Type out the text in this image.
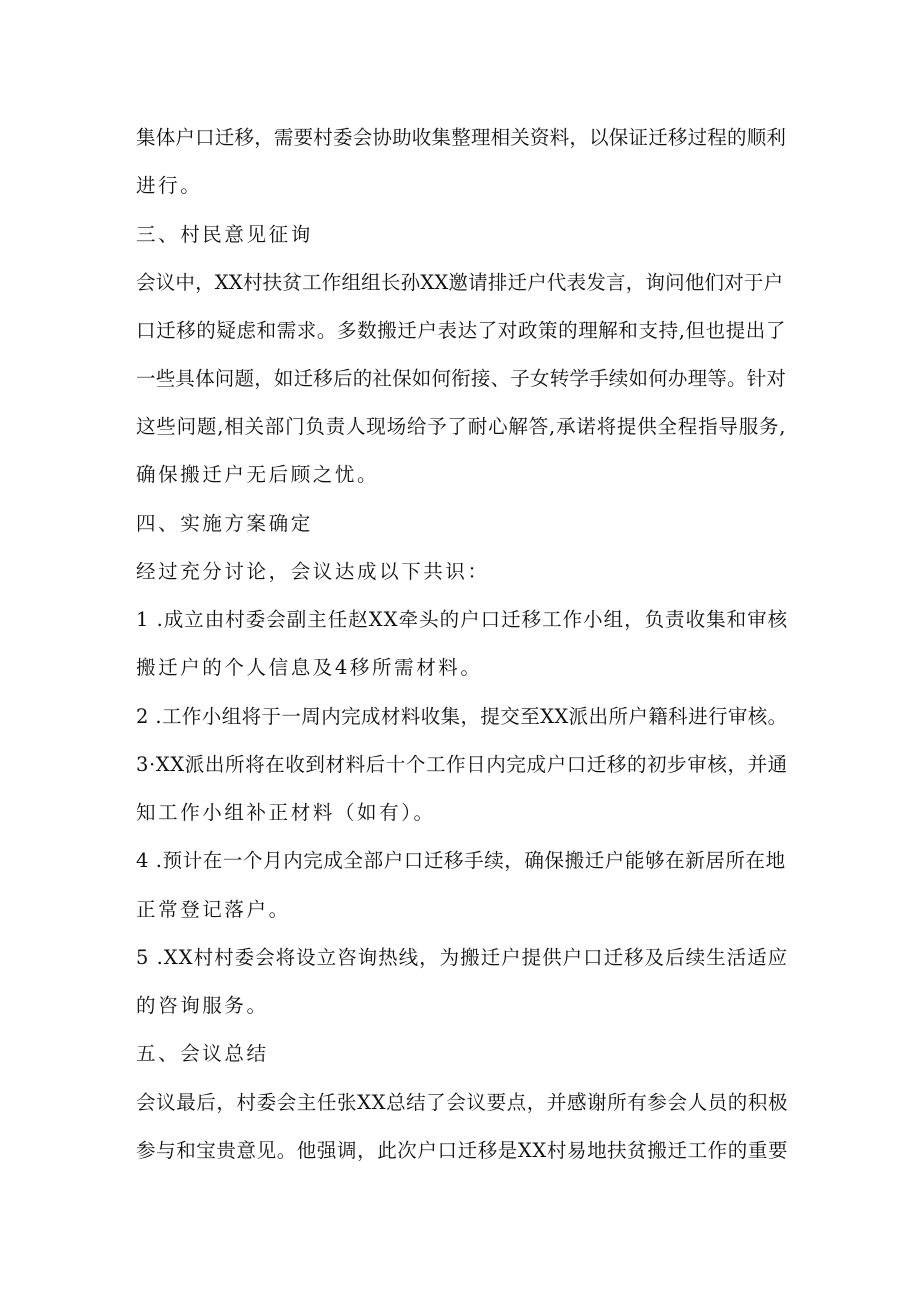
集体户口迁移，需要村委会协助收集整理相关资料，以保证迁移过程的顺利
进行。
三、村民意见征询
会议中，XX村扶贫工作组组长孙XX邀请排迁户代表发言，询问他们对于户
口迁移的疑虑和需求。多数搬迁户表达了对政策的理解和支持,但也提出了
一些具体问题，如迁移后的社保如何衔接、子女转学手续如何办理等。针对
这些问题,相关部门负责人现场给予了耐心解答,承诺将提供全程指导服务,
确保搬迁户无后顾之忧。
四、实施方案确定
经过充分讨论，会议达成以下共识：
1 .成立由村委会副主任赵XX牵头的户口迁移工作小组，负责收集和审核
搬迁户的个人信息及4移所需材料。
2 .工作小组将于一周内完成材料收集，提交至XX派出所户籍科进行审核。
3·XX派出所将在收到材料后十个工作日内完成户口迁移的初步审核，并通
知工作小组补正材料（如有）。
4 .预计在一个月内完成全部户口迁移手续，确保搬迁户能够在新居所在地
正常登记落户。
5 .XX村村委会将设立咨询热线，为搬迁户提供户口迁移及后续生活适应
的咨询服务。
五、会议总结
会议最后，村委会主任张XX总结了会议要点，并感谢所有参会人员的积极
参与和宝贵意见。他强调，此次户口迁移是XX村易地扶贫搬迁工作的重要
